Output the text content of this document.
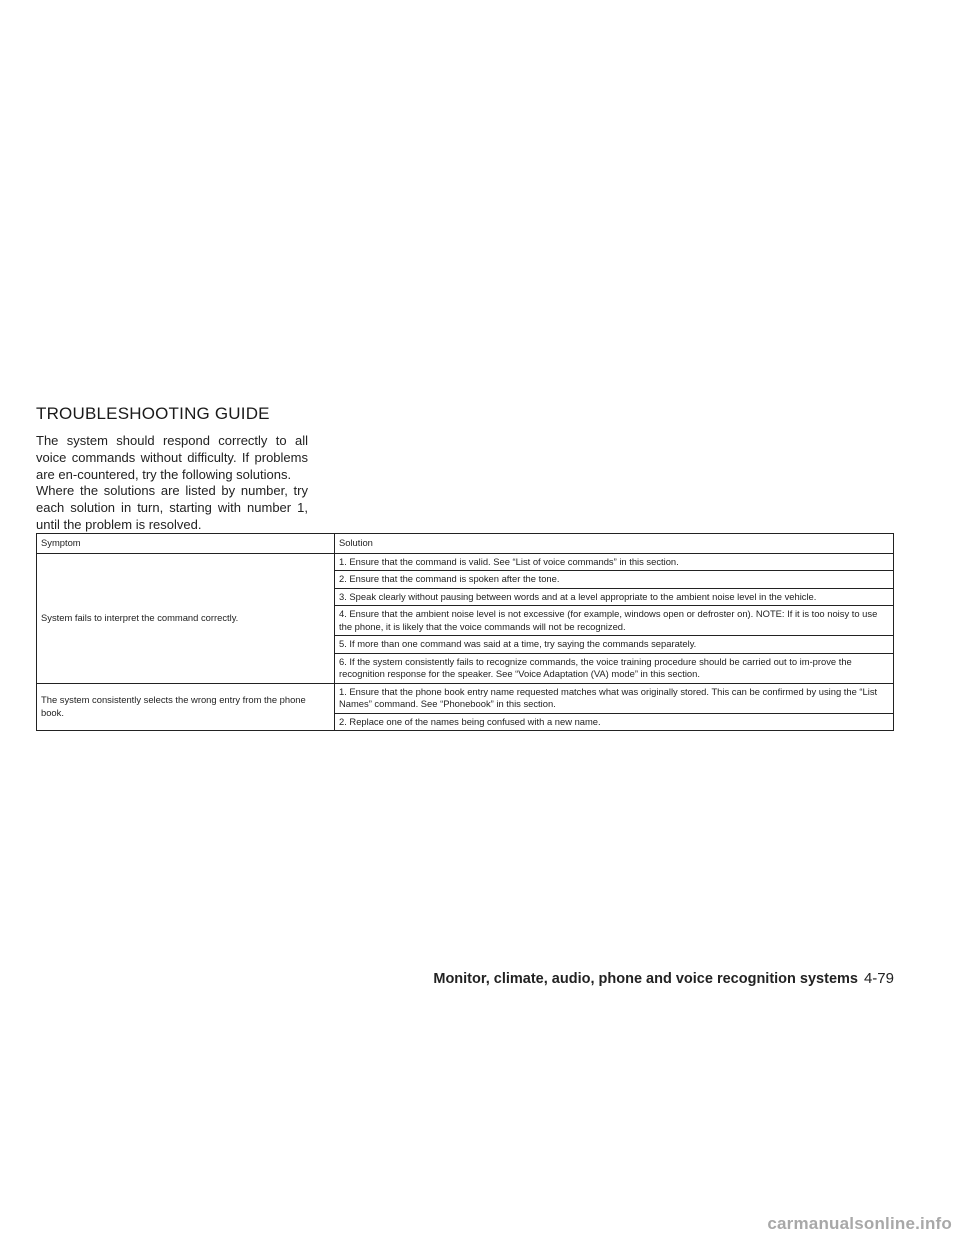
TROUBLESHOOTING GUIDE

The system should respond correctly to all voice commands without difficulty. If problems are en-countered, try the following solutions.

Where the solutions are listed by number, try each solution in turn, starting with number 1, until the problem is resolved.

Symptom	Solution
System fails to interpret the command correctly.	1. Ensure that the command is valid. See “List of voice commands” in this section.
	2. Ensure that the command is spoken after the tone.
	3. Speak clearly without pausing between words and at a level appropriate to the ambient noise level in the vehicle.
	4. Ensure that the ambient noise level is not excessive (for example, windows open or defroster on). NOTE: If it is too noisy to use the phone, it is likely that the voice commands will not be recognized.
	5. If more than one command was said at a time, try saying the commands separately.
	6. If the system consistently fails to recognize commands, the voice training procedure should be carried out to im-prove the recognition response for the speaker. See “Voice Adaptation (VA) mode” in this section.
The system consistently selects the wrong entry from the phone book.	1. Ensure that the phone book entry name requested matches what was originally stored. This can be confirmed by using the “List Names” command. See “Phonebook” in this section.
	2. Replace one of the names being confused with a new name.
Monitor, climate, audio, phone and voice recognition systems 4-79
carmanualsonline.info
